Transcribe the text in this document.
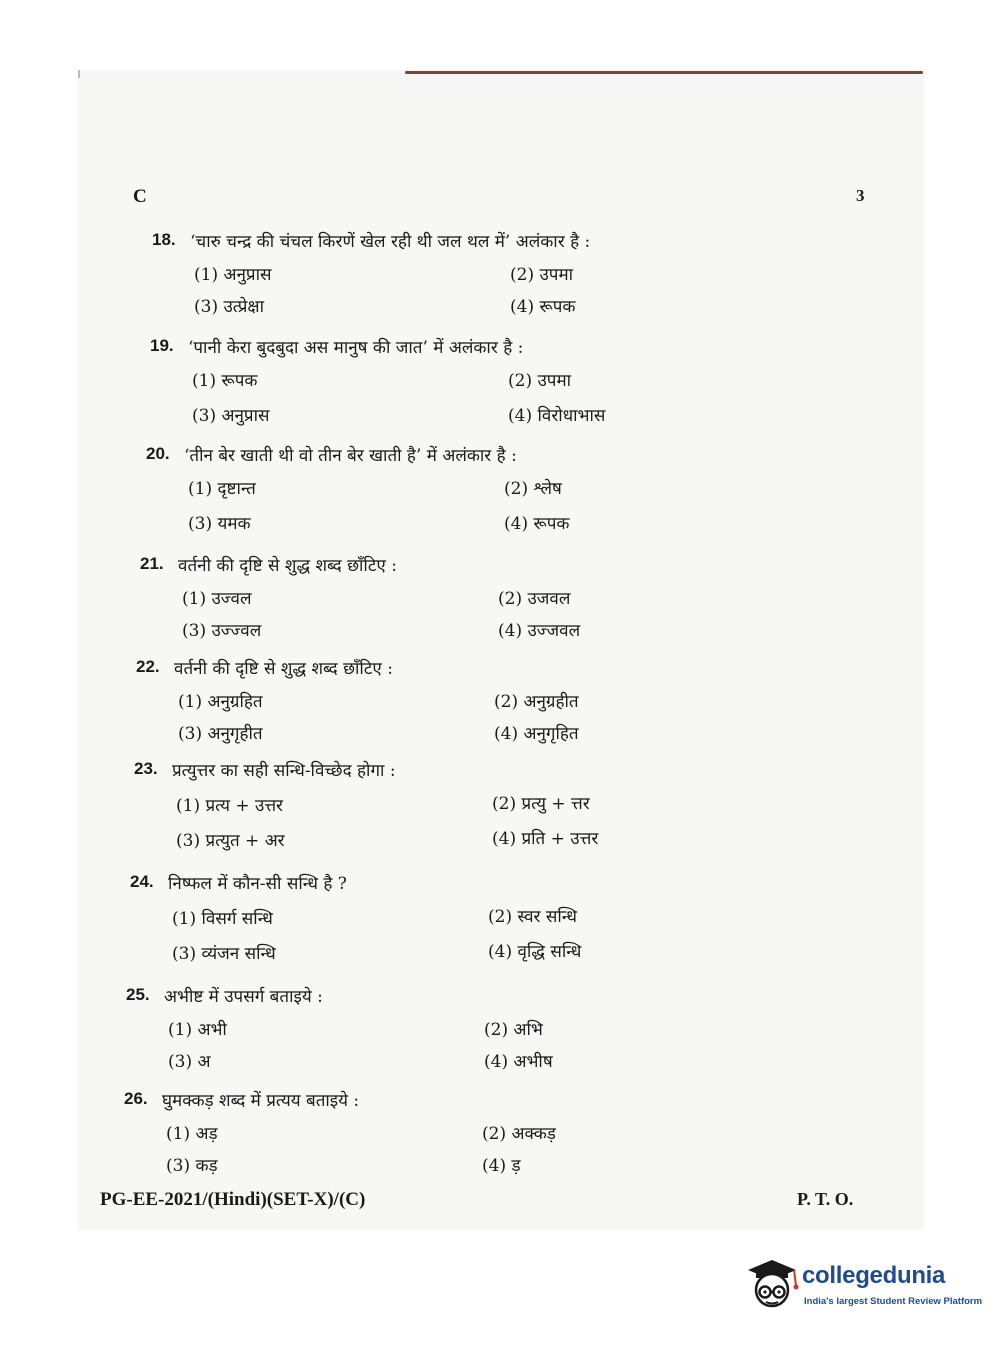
C	3
18. ‘चारु चन्द्र की चंचल किरणें खेल रही थी जल थल में’ अलंकार है :
(1) अनुप्रास	(2) उपमा
(3) उत्प्रेक्षा	(4) रूपक
19. ‘पानी केरा बुदबुदा अस मानुष की जात’ में अलंकार है :
(1) रूपक	(2) उपमा
(3) अनुप्रास	(4) विरोधाभास
20. ‘तीन बेर खाती थी वो तीन बेर खाती है’ में अलंकार है :
(1) दृष्टान्त	(2) श्लेष
(3) यमक	(4) रूपक
21. वर्तनी की दृष्टि से शुद्ध शब्द छाँटिए :
(1) उज्वल	(2) उजवल
(3) उज्ज्वल	(4) उज्जवल
22. वर्तनी की दृष्टि से शुद्ध शब्द छाँटिए :
(1) अनुग्रहित	(2) अनुग्रहीत
(3) अनुगृहीत	(4) अनुगृहित
23. प्रत्युत्तर का सही सन्धि-विच्छेद होगा :
(1) प्रत्य + उत्तर	(2) प्रत्यु + त्तर
(3) प्रत्युत + अर	(4) प्रति + उत्तर
24. निष्फल में कौन-सी सन्धि है ?
(1) विसर्ग सन्धि	(2) स्वर सन्धि
(3) व्यंजन सन्धि	(4) वृद्धि सन्धि
25. अभीष्ट में उपसर्ग बताइये :
(1) अभी	(2) अभि
(3) अ	(4) अभीष
26. घुमक्कड़ शब्द में प्रत्यय बताइये :
(1) अड़	(2) अक्कड़
(3) कड़	(4) ड़
PG-EE-2021/(Hindi)(SET-X)/(C)	P. T. O.
collegedunia
India's largest Student Review Platform
